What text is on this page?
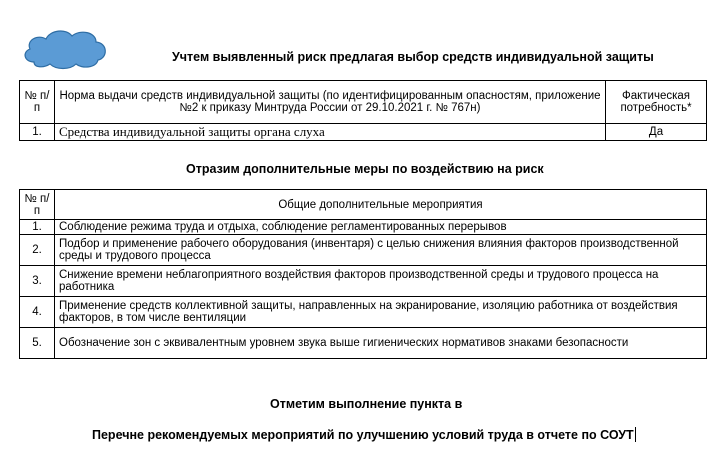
Учтем выявленный риск предлагая выбор средств индивидуальной защиты
№ п/п	Норма выдачи средств индивидуальной защиты (по идентифицированным опасностям, приложение №2 к приказу Минтруда России от 29.10.2021 г. № 767н)	Фактическая потребность*
1.	Средства индивидуальной защиты органа слуха	Да
Отразим дополнительные меры по воздействию на риск
№ п/п	Общие дополнительные мероприятия
1.	Соблюдение режима труда и отдыха, соблюдение регламентированных перерывов
2.	Подбор и применение рабочего оборудования (инвентаря) с целью снижения влияния факторов производственной среды и трудового процесса
3.	Снижение времени неблагоприятного воздействия факторов производственной среды и трудового процесса на работника
4.	Применение средств коллективной защиты, направленных на экранирование, изоляцию работника от воздействия факторов, в том числе вентиляции
5.	Обозначение зон с эквивалентным уровнем звука выше гигиенических нормативов знаками безопасности
Отметим выполнение пункта в
Перечне рекомендуемых мероприятий по улучшению условий труда в отчете по СОУТ
